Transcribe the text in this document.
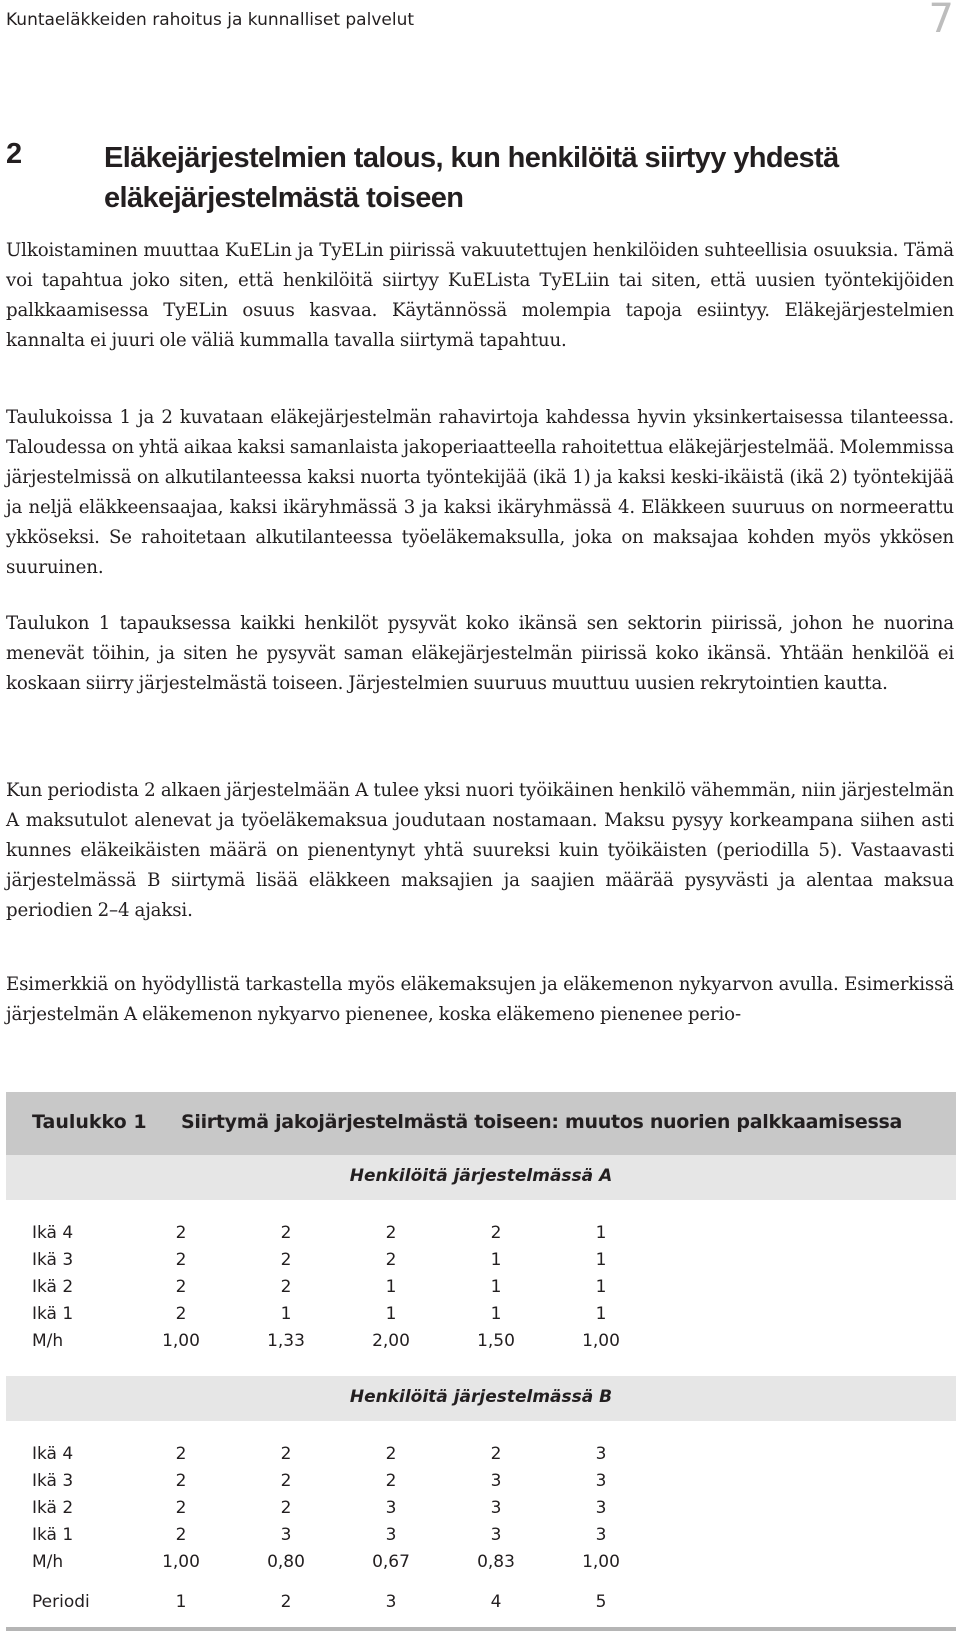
Kuntaeläkkeiden rahoitus ja kunnalliset palvelut	7
2	Eläkejärjestelmien talous, kun henkilöitä siirtyy yhdestä
eläkejärjestelmästä toiseen

Ulkoistaminen muuttaa KuELin ja TyELin piirissä vakuutettujen henkilöiden suhteellisia osuuksia. Tämä voi tapahtua joko siten, että henkilöitä siirtyy KuELista TyELiin tai siten, että uusien työntekijöiden palkkaamisessa TyELin osuus kasvaa. Käytännössä molempia tapoja esiintyy. Eläkejärjestelmien kannalta ei juuri ole väliä kummalla tavalla siirtymä tapahtuu.

Taulukoissa 1 ja 2 kuvataan eläkejärjestelmän rahavirtoja kahdessa hyvin yksinkertaisessa tilanteessa. Taloudessa on yhtä aikaa kaksi samanlaista jakoperiaatteella rahoitettua eläkejärjestelmää. Molemmissa järjestelmissä on alkutilanteessa kaksi nuorta työntekijää (ikä 1) ja kaksi keski-ikäistä (ikä 2) työntekijää ja neljä eläkkeensaajaa, kaksi ikäryhmässä 3 ja kaksi ikäryhmässä 4. Eläkkeen suuruus on normeerattu ykköseksi. Se rahoitetaan alkutilanteessa työeläkemaksulla, joka on maksajaa kohden myös ykkösen suuruinen.

Taulukon 1 tapauksessa kaikki henkilöt pysyvät koko ikänsä sen sektorin piirissä, johon he nuorina menevät töihin, ja siten he pysyvät saman eläkejärjestelmän piirissä koko ikänsä. Yhtään henkilöä ei koskaan siirry järjestelmästä toiseen. Järjestelmien suuruus muuttuu uusien rekrytointien kautta.

Kun periodista 2 alkaen järjestelmään A tulee yksi nuori työikäinen henkilö vähemmän, niin järjestelmän A maksutulot alenevat ja työeläkemaksua joudutaan nostamaan. Maksu pysyy korkeampana siihen asti kunnes eläkeikäisten määrä on pienentynyt yhtä suureksi kuin työikäisten (periodilla 5). Vastaavasti järjestelmässä B siirtymä lisää eläkkeen maksajien ja saajien määrää pysyvästi ja alentaa maksua periodien 2–4 ajaksi.

Esimerkkiä on hyödyllistä tarkastella myös eläkemaksujen ja eläkemenon nykyarvon avulla. Esimerkissä järjestelmän A eläkemenon nykyarvo pienenee, koska eläkemeno pienenee perio-

Taulukko 1 Siirtymä jakojärjestelmästä toiseen: muutos nuorien palkkaamisessa
Henkilöitä järjestelmässä A
Ikä 4	2	2	2	2	1
Ikä 3	2	2	2	1	1
Ikä 2	2	2	1	1	1
Ikä 1	2	1	1	1	1
M/h	1,00	1,33	2,00	1,50	1,00
Henkilöitä järjestelmässä B
Ikä 4	2	2	2	2	3
Ikä 3	2	2	2	3	3
Ikä 2	2	2	3	3	3
Ikä 1	2	3	3	3	3
M/h	1,00	0,80	0,67	0,83	1,00
Periodi	1	2	3	4	5
